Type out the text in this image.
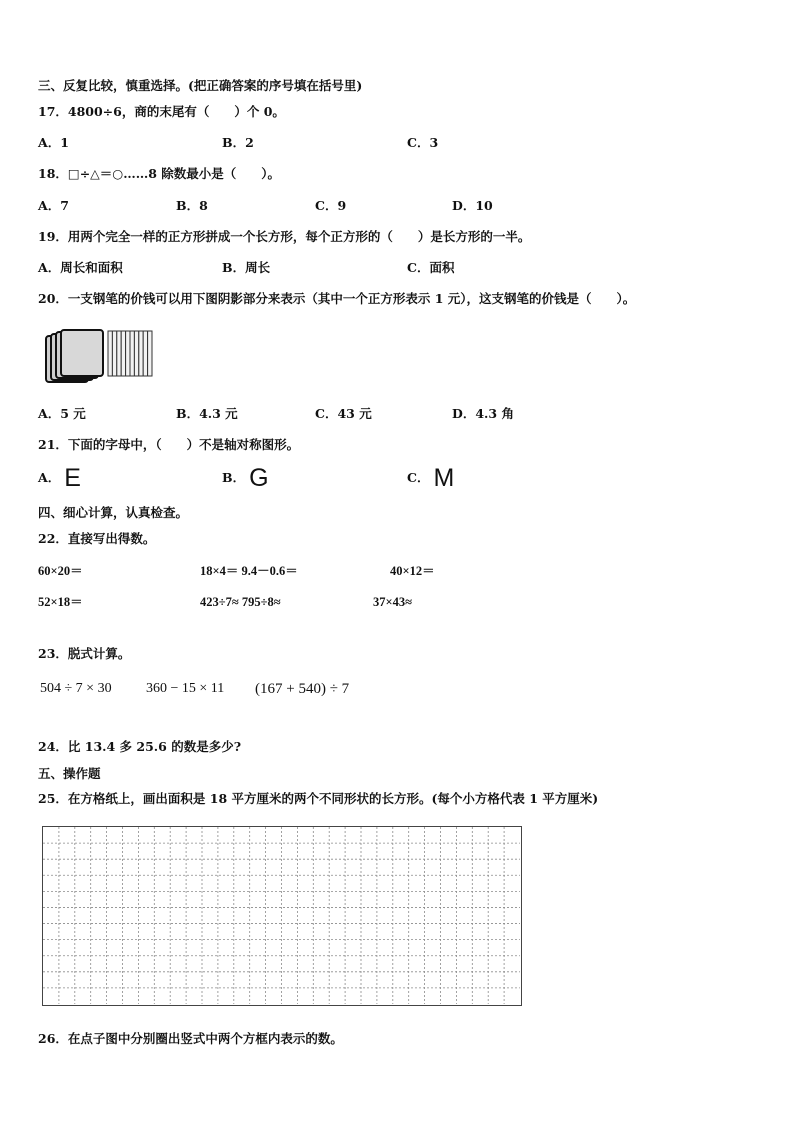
三、反复比较，慎重选择。(把正确答案的序号填在括号里)
17．4800÷6，商的末尾有（　　）个 0。
A．1	B．2	C．3
18．□÷△＝○……8 除数最小是（　　）。
A．7	B．8	C．9	D．10
19．用两个完全一样的正方形拼成一个长方形，每个正方形的（　　）是长方形的一半。
A．周长和面积	B．周长	C．面积
20．一支钢笔的价钱可以用下图阴影部分来表示（其中一个正方形表示 1 元），这支钢笔的价钱是（　　）。
A．5 元	B．4.3 元	C．43 元	D．4.3 角
21．下面的字母中，（　　）不是轴对称图形。
A． E	B． G	C． M
四、细心计算，认真检查。
22．直接写出得数。
60×20＝	18×4＝ 9.4－0.6＝	40×12＝
52×18＝	423÷7≈ 795÷8≈	37×43≈
23．脱式计算。
504 ÷ 7 × 30 360 − 15 × 11 (167 + 540) ÷ 7
24．比 13.4 多 25.6 的数是多少?
五、操作题
25．在方格纸上，画出面积是 18 平方厘米的两个不同形状的长方形。(每个小方格代表 1 平方厘米)
26．在点子图中分别圈出竖式中两个方框内表示的数。
